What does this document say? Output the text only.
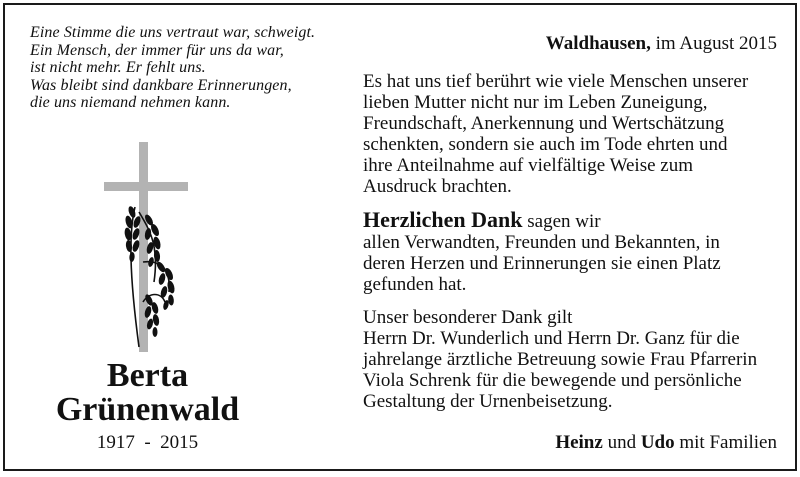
Eine Stimme die uns vertraut war, schweigt.
Ein Mensch, der immer für uns da war,
ist nicht mehr. Er fehlt uns.
Was bleibt sind dankbare Erinnerungen,
die uns niemand nehmen kann.
Berta
Grünenwald
1917  -  2015
Waldhausen, im August 2015
Es hat uns tief berührt wie viele Menschen unserer
lieben Mutter nicht nur im Leben Zuneigung,
Freundschaft, Anerkennung und Wertschätzung
schenkten, sondern sie auch im Tode ehrten und
ihre Anteilnahme auf vielfältige Weise zum
Ausdruck brachten.
Herzlichen Dank sagen wir
allen Verwandten, Freunden und Bekannten, in
deren Herzen und Erinnerungen sie einen Platz
gefunden hat.
Unser besonderer Dank gilt
Herrn Dr. Wunderlich und Herrn Dr. Ganz für die
jahrelange ärztliche Betreuung sowie Frau Pfarrerin
Viola Schrenk für die bewegende und persönliche
Gestaltung der Urnenbeisetzung.
Heinz und Udo mit Familien
